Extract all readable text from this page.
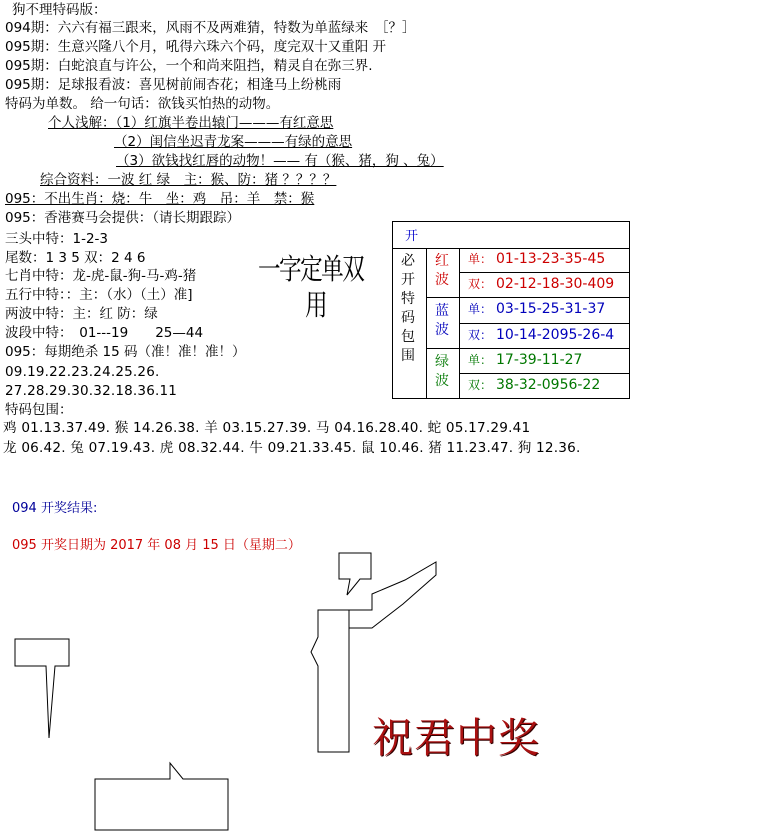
狗不理特码版：
094期：六六有福三跟来，风雨不及两难猜，特数为单蓝绿来　［？］
095期：生意兴隆八个月，吼得六珠六个码，度完双十又重阳 开
095期：白蛇浪直与许公，一个和尚来阻挡，精灵自在弥三界.
095期：足球报看波：喜见树前闹杏花；相逢马上纷桃雨
特码为单数。 给一句话：欲钱买怕热的动物。
个人浅解：（1）红旗半卷出辕门———有红意思
（2）闺信坐迟青龙案———有绿的意思
（3）欲钱找红唇的动物！—— 有（猴、猪，狗 、兔）
综合资料：一波 红 绿　主：猴、防：猪 ？？？？
095：不出生肖：烧：牛　坐：鸡　吊：羊　禁：猴
095：香港赛马会提供：（请长期跟踪）
三头中特：1-2-3
尾数：1 3 5 双：2 4 6
七肖中特：龙-虎-鼠-狗-马-鸡-猪
五行中特：：主：（水）（土）准]
两波中特：主：红 防：绿
波段中特：　01---19　　25—44
095：每期绝杀 15 码（准！准！准！）
09.19.22.23.24.25.26.
27.28.29.30.32.18.36.11
特码包围：
鸡 01.13.37.49. 猴 14.26.38. 羊 03.15.27.39. 马 04.16.28.40. 蛇 05.17.29.41
龙 06.42. 兔 07.19.43. 虎 08.32.44. 牛 09.21.33.45. 鼠 10.46. 猪 11.23.47. 狗 12.36.
一字定单双
用
开
必开特码包围
红波
单： 01-13-23-35-45
双： 02-12-18-30-409
蓝波
单： 03-15-25-31-37
双： 10-14-2095-26-4
绿波
单： 17-39-11-27
双： 38-32-0956-22
094 开奖结果:
095 开奖日期为 2017 年 08 月 15 日（星期二）
祝君中奖
